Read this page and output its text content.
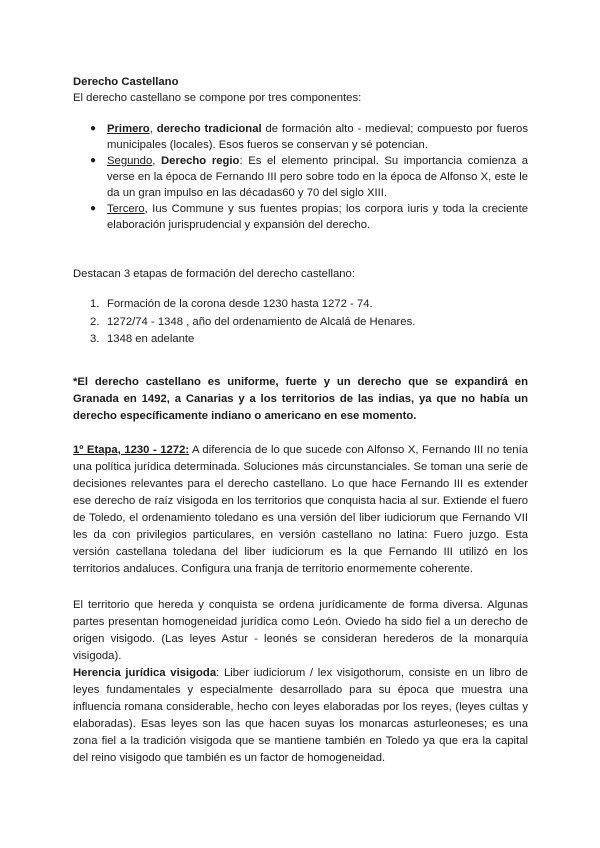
Derecho Castellano

El derecho castellano se compone por tres componentes:

● Primero, derecho tradicional de formación alto - medieval; compuesto por fueros municipales (locales). Esos fueros se conservan y sé potencian.
● Segundo, Derecho regio: Es el elemento principal. Su importancia comienza a verse en la época de Fernando III pero sobre todo en la época de Alfonso X, este le da un gran impulso en las décadas60 y 70 del siglo XIII.
● Tercero, Ius Commune y sus fuentes propias; los corpora iuris y toda la creciente elaboración jurisprudencial y expansión del derecho.

Destacan 3 etapas de formación del derecho castellano:

1. Formación de la corona desde 1230 hasta 1272 - 74.
2. 1272/74 - 1348 , año del ordenamiento de Alcalá de Henares.
3. 1348 en adelante

*El derecho castellano es uniforme, fuerte y un derecho que se expandirá en Granada en 1492, a Canarias y a los territorios de las indias, ya que no había un derecho específicamente indiano o americano en ese momento.

1º Etapa, 1230 - 1272: A diferencia de lo que sucede con Alfonso X, Fernando III no tenía una política jurídica determinada. Soluciones más circunstanciales. Se toman una serie de decisiones relevantes para el derecho castellano. Lo que hace Fernando III es extender ese derecho de raíz visigoda en los territorios que conquista hacia al sur. Extiende el fuero de Toledo, el ordenamiento toledano es una versión del liber iudiciorum que Fernando VII les da con privilegios particulares, en versión castellano no latina: Fuero juzgo. Esta versión castellana toledana del liber iudiciorum es la que Fernando III utilizó en los territorios andaluces. Configura una franja de territorio enormemente coherente.

El territorio que hereda y conquista se ordena jurídicamente de forma diversa. Algunas partes presentan homogeneidad jurídica como León. Oviedo ha sido fiel a un derecho de origen visigodo. (Las leyes Astur - leonés se consideran herederos de la monarquía visigoda).

Herencia jurídica visigoda: Liber iudiciorum / lex visigothorum, consiste en un libro de leyes fundamentales y especialmente desarrollado para su época que muestra una influencia romana considerable, hecho con leyes elaboradas por los reyes, (leyes cultas y elaboradas). Esas leyes son las que hacen suyas los monarcas asturleoneses; es una zona fiel a la tradición visigoda que se mantiene también en Toledo ya que era la capital del reino visigodo que también es un factor de homogeneidad.
